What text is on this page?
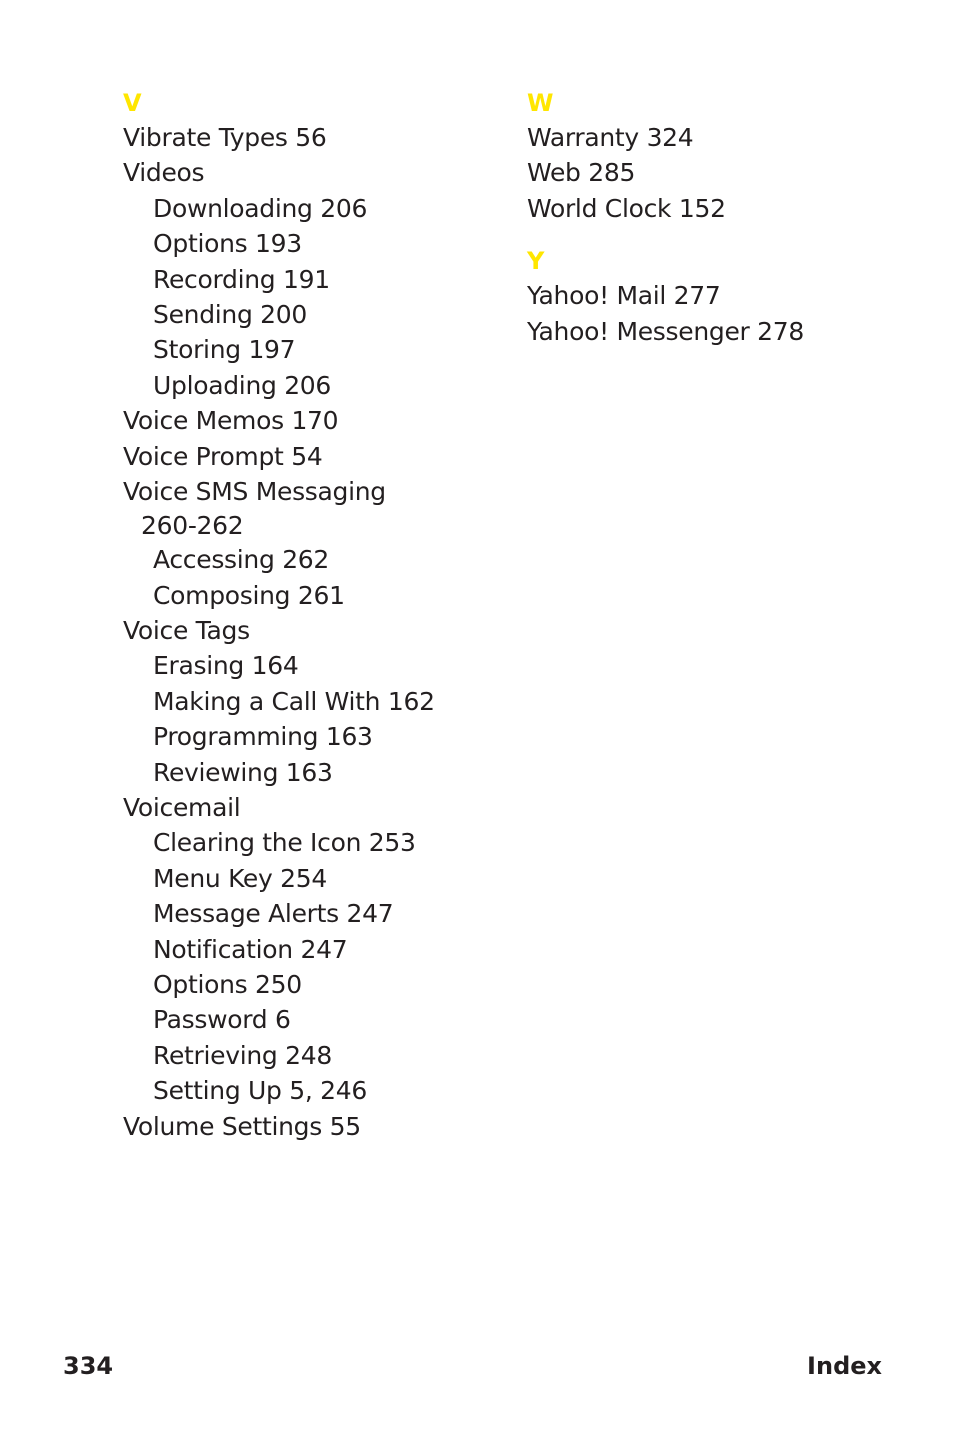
V
Vibrate Types 56
Videos
Downloading 206
Options 193
Recording 191
Sending 200
Storing 197
Uploading 206
Voice Memos 170
Voice Prompt 54
Voice SMS Messaging
260-262
Accessing 262
Composing 261
Voice Tags
Erasing 164
Making a Call With 162
Programming 163
Reviewing 163
Voicemail
Clearing the Icon 253
Menu Key 254
Message Alerts 247
Notification 247
Options 250
Password 6
Retrieving 248
Setting Up 5, 246
Volume Settings 55
W
Warranty 324
Web 285
World Clock 152
Y
Yahoo! Mail 277
Yahoo! Messenger 278
334	Index
